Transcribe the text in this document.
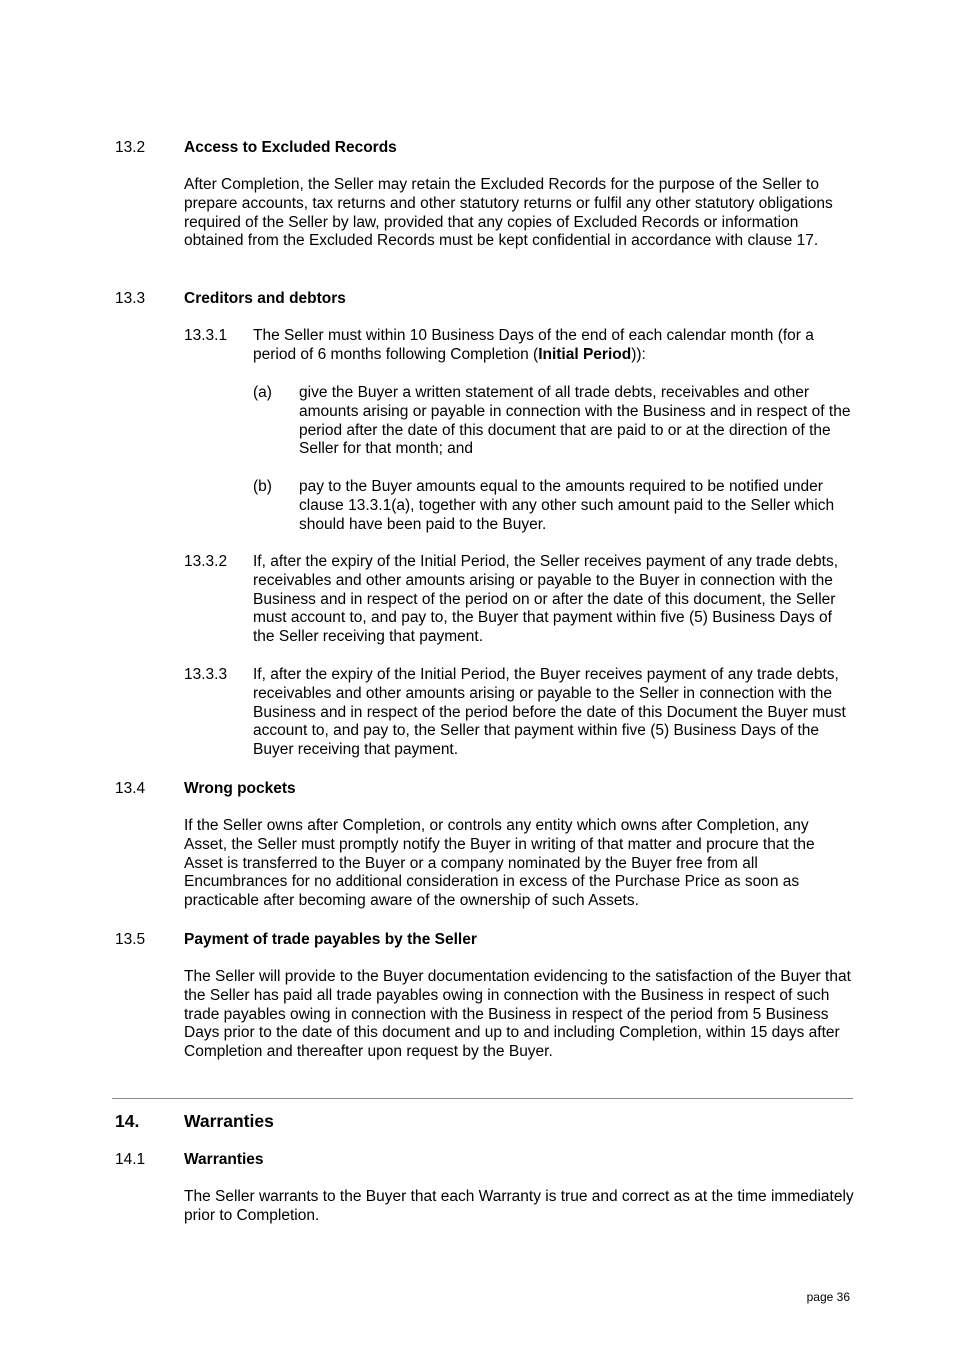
13.2	Access to Excluded Records
After Completion, the Seller may retain the Excluded Records for the purpose of the Seller to prepare accounts, tax returns and other statutory returns or fulfil any other statutory obligations required of the Seller by law, provided that any copies of Excluded Records or information obtained from the Excluded Records must be kept confidential in accordance with clause 17.
13.3	Creditors and debtors
13.3.1	The Seller must within 10 Business Days of the end of each calendar month (for a period of 6 months following Completion (Initial Period)):
(a)	give the Buyer a written statement of all trade debts, receivables and other amounts arising or payable in connection with the Business and in respect of the period after the date of this document that are paid to or at the direction of the Seller for that month; and
(b)	pay to the Buyer amounts equal to the amounts required to be notified under clause 13.3.1(a), together with any other such amount paid to the Seller which should have been paid to the Buyer.
13.3.2	If, after the expiry of the Initial Period, the Seller receives payment of any trade debts, receivables and other amounts arising or payable to the Buyer in connection with the Business and in respect of the period on or after the date of this document, the Seller must account to, and pay to, the Buyer that payment within five (5) Business Days of the Seller receiving that payment.
13.3.3	If, after the expiry of the Initial Period, the Buyer receives payment of any trade debts, receivables and other amounts arising or payable to the Seller in connection with the Business and in respect of the period before the date of this Document the Buyer must account to, and pay to, the Seller that payment within five (5) Business Days of the Buyer receiving that payment.
13.4	Wrong pockets
If the Seller owns after Completion, or controls any entity which owns after Completion, any Asset, the Seller must promptly notify the Buyer in writing of that matter and procure that the Asset is transferred to the Buyer or a company nominated by the Buyer free from all Encumbrances for no additional consideration in excess of the Purchase Price as soon as practicable after becoming aware of the ownership of such Assets.
13.5	Payment of trade payables by the Seller
The Seller will provide to the Buyer documentation evidencing to the satisfaction of the Buyer that the Seller has paid all trade payables owing in connection with the Business in respect of such trade payables owing in connection with the Business in respect of the period from 5 Business Days prior to the date of this document and up to and including Completion, within 15 days after Completion and thereafter upon request by the Buyer.
14.	Warranties
14.1	Warranties
The Seller warrants to the Buyer that each Warranty is true and correct as at the time immediately prior to Completion.
page 36
